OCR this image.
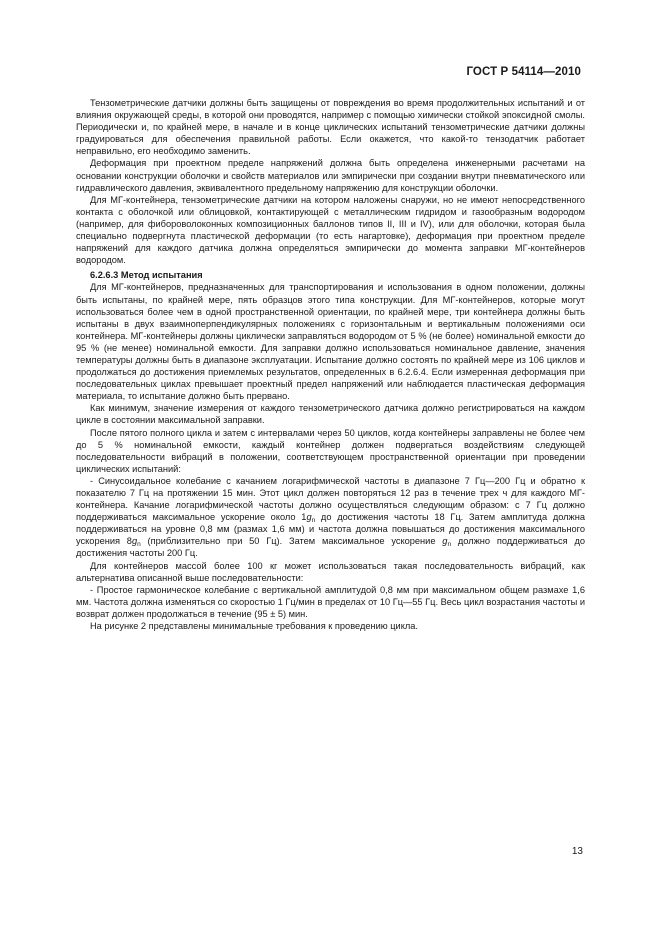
ГОСТ Р 54114—2010

Тензометрические датчики должны быть защищены от повреждения во время продолжительных испытаний и от влияния окружающей среды, в которой они проводятся, например с помощью химически стойкой эпоксидной смолы. Периодически и, по крайней мере, в начале и в конце циклических испытаний тензометрические датчики должны градуироваться для обеспечения правильной работы. Если окажется, что какой-то тензодатчик работает неправильно, его необходимо заменить.

Деформация при проектном пределе напряжений должна быть определена инженерными расчетами на основании конструкции оболочки и свойств материалов или эмпирически при создании внутри пневматического или гидравлического давления, эквивалентного предельному напряжению для конструкции оболочки.

Для МГ-контейнера, тензометрические датчики на котором наложены снаружи, но не имеют непосредственного контакта с оболочкой или облицовкой, контактирующей с металлическим гидридом и газообразным водородом (например, для фибороволоконных композиционных баллонов типов II, III и IV), или для оболочки, которая была специально подвергнута пластической деформации (то есть нагартовке), деформация при проектном пределе напряжений для каждого датчика должна определяться эмпирически до момента заправки МГ-контейнеров водородом.

6.2.6.3 Метод испытания

Для МГ-контейнеров, предназначенных для транспортирования и использования в одном положении, должны быть испытаны, по крайней мере, пять образцов этого типа конструкции. Для МГ-контейнеров, которые могут использоваться более чем в одной пространственной ориентации, по крайней мере, три контейнера должны быть испытаны в двух взаимноперпендикулярных положениях с горизонтальным и вертикальным положениями оси контейнера. МГ-контейнеры должны циклически заправляться водородом от 5 % (не более) номинальной емкости до 95 % (не менее) номинальной емкости. Для заправки должно использоваться номинальное давление, значения температуры должны быть в диапазоне эксплуатации. Испытание должно состоять по крайней мере из 106 циклов и продолжаться до достижения приемлемых результатов, определенных в 6.2.6.4. Если измеренная деформация при последовательных циклах превышает проектный предел напряжений или наблюдается пластическая деформация материала, то испытание должно быть прервано.

Как минимум, значение измерения от каждого тензометрического датчика должно регистрироваться на каждом цикле в состоянии максимальной заправки.

После пятого полного цикла и затем с интервалами через 50 циклов, когда контейнеры заправлены не более чем до 5 % номинальной емкости, каждый контейнер должен подвергаться воздействиям следующей последовательности вибраций в положении, соответствующем пространственной ориентации при проведении циклических испытаний:

- Синусоидальное колебание с качанием логарифмической частоты в диапазоне 7 Гц—200 Гц и обратно к показателю 7 Гц на протяжении 15 мин. Этот цикл должен повторяться 12 раз в течение трех ч для каждого МГ-контейнера. Качание логарифмической частоты должно осуществляться следующим образом: с 7 Гц должно поддерживаться максимальное ускорение около $1g_n$ до достижения частоты 18 Гц. Затем амплитуда должна поддерживаться на уровне 0,8 мм (размах 1,6 мм) и частота должна повышаться до достижения максимального ускорения $8g_n$ (приблизительно при 50 Гц). Затем максимальное ускорение $g_n$ должно поддерживаться до достижения частоты 200 Гц.

Для контейнеров массой более 100 кг может использоваться такая последовательность вибраций, как альтернатива описанной выше последовательности:

- Простое гармоническое колебание с вертикальной амплитудой 0,8 мм при максимальном общем размахе 1,6 мм. Частота должна изменяться со скоростью 1 Гц/мин в пределах от 10 Гц—55 Гц. Весь цикл возрастания частоты и возврат должен продолжаться в течение (95 ± 5) мин.

На рисунке 2 представлены минимальные требования к проведению цикла.

13
